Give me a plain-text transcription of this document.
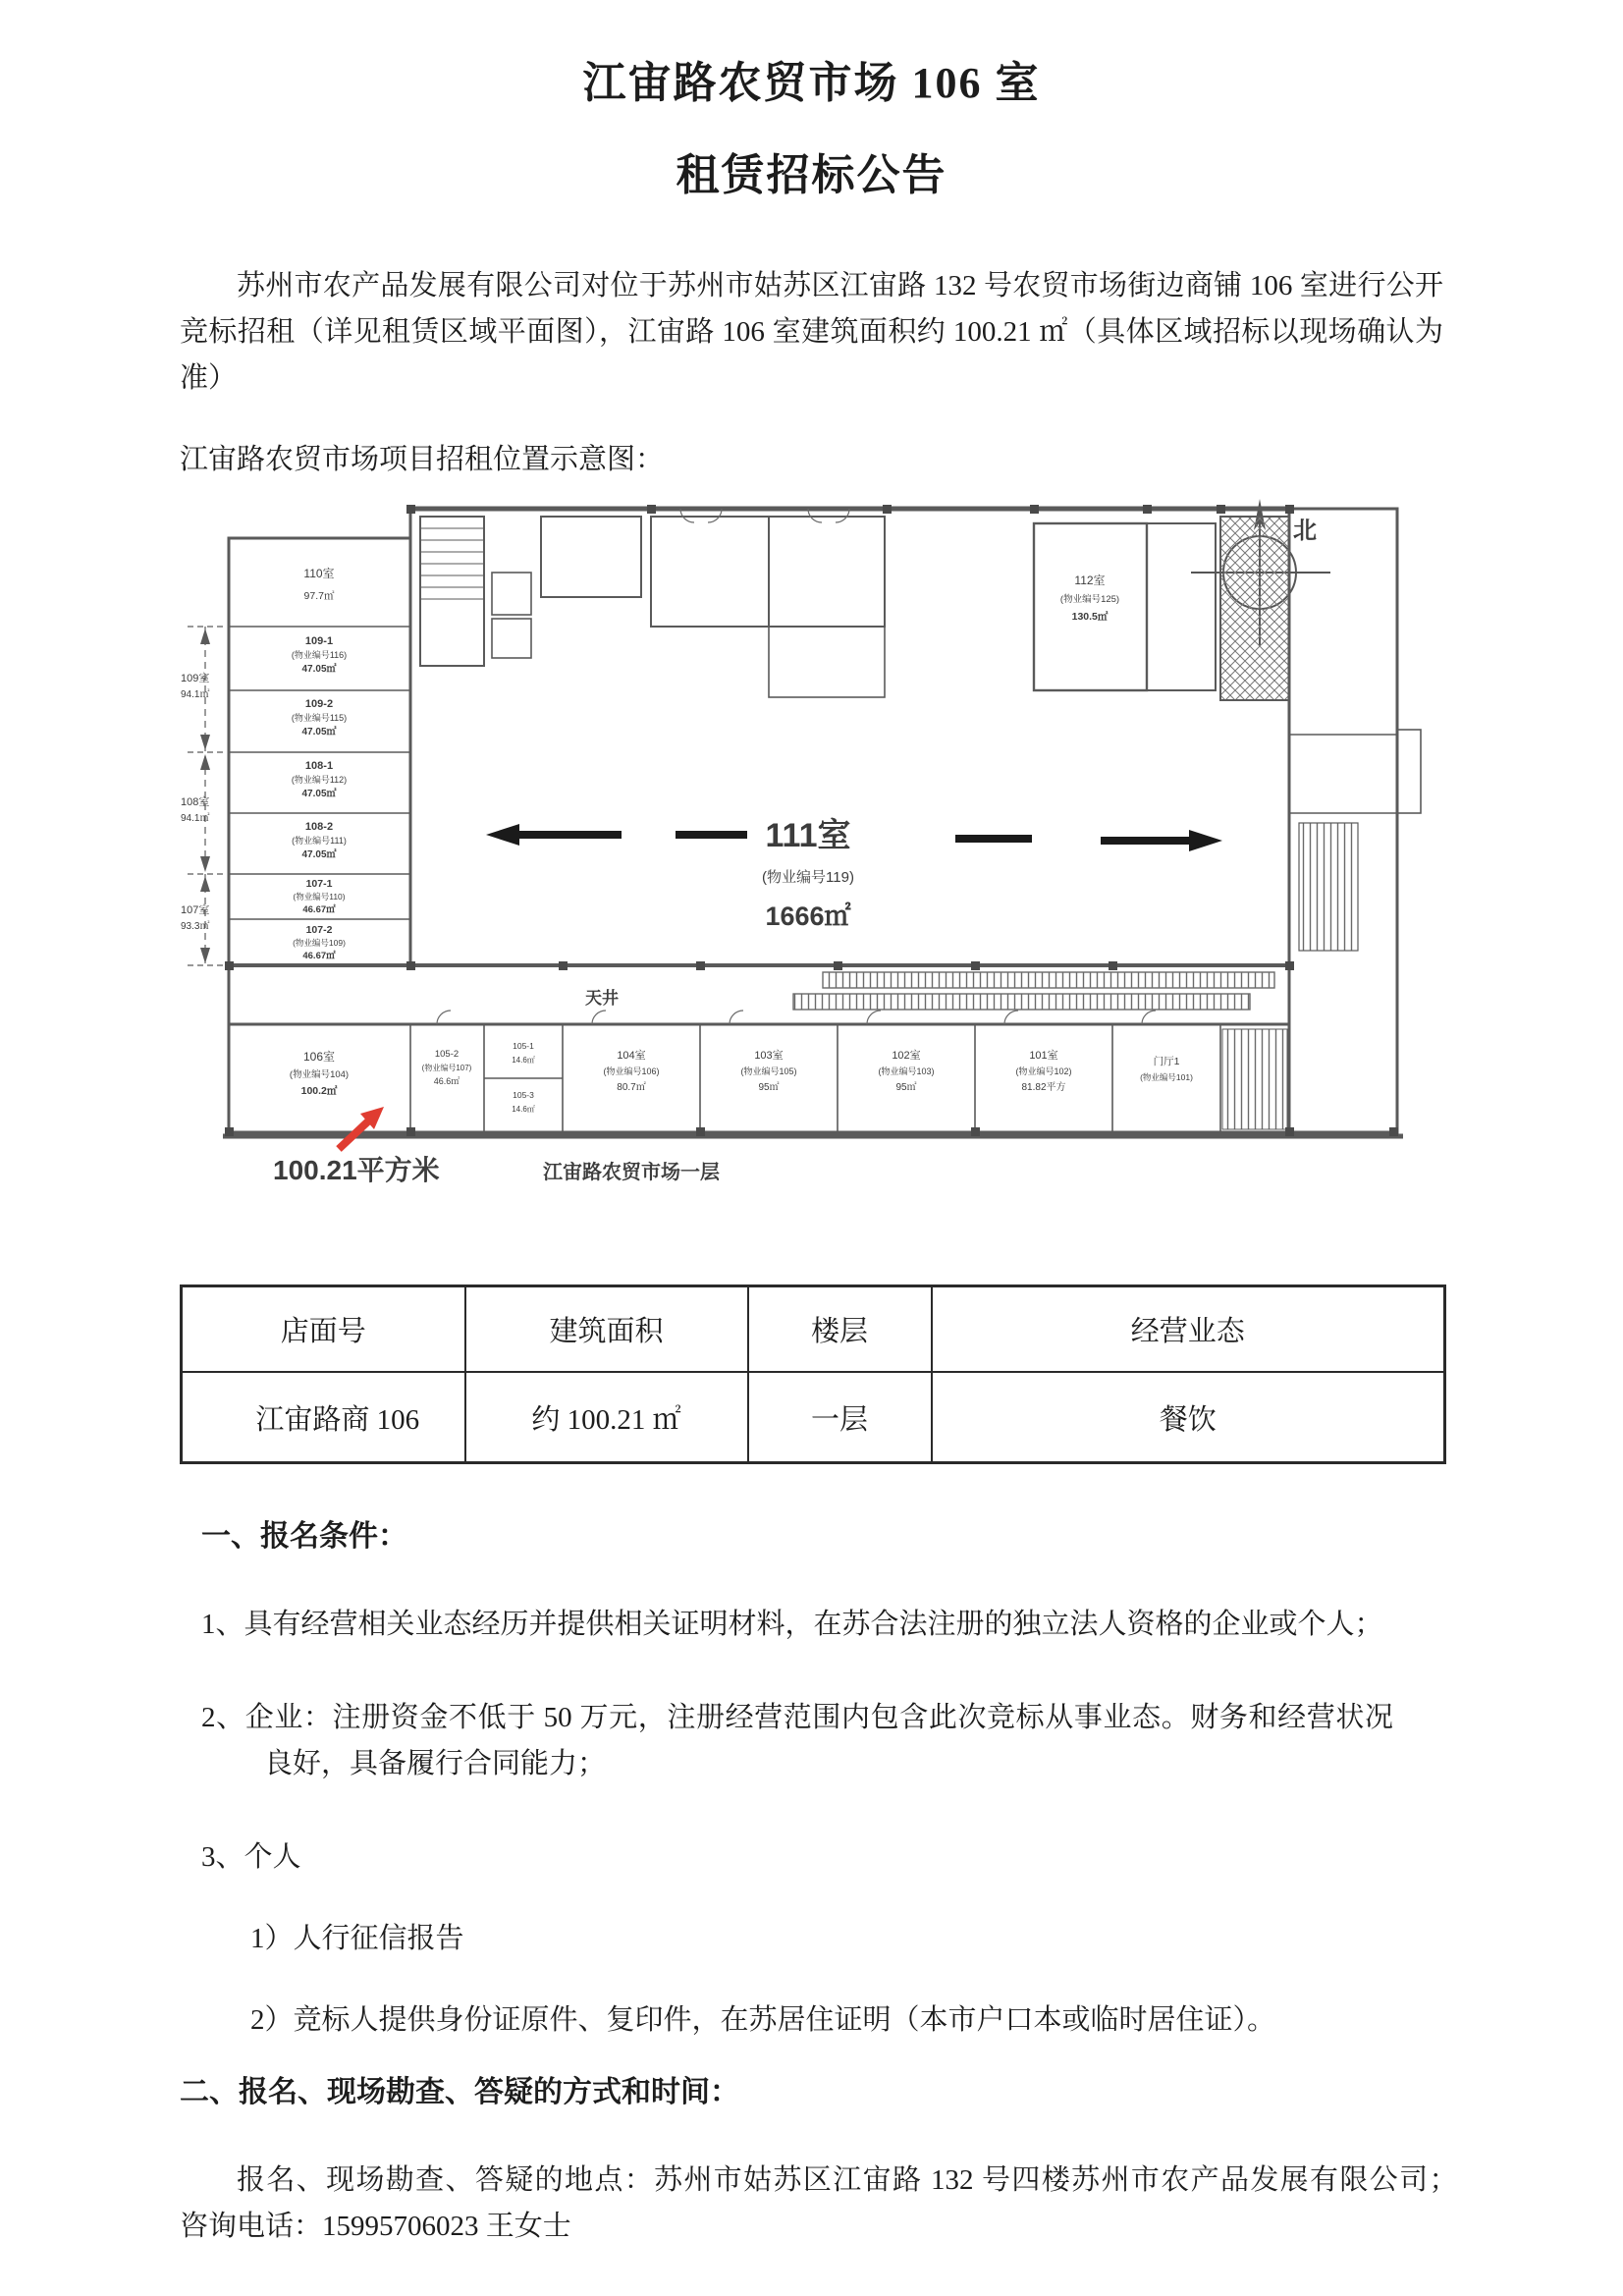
江宙路农贸市场 106 室
租赁招标公告

苏州市农产品发展有限公司对位于苏州市姑苏区江宙路 132 号农贸市场街边商铺 106 室进行公开竞标招租（详见租赁区域平面图），江宙路 106 室建筑面积约 100.21 ㎡（具体区域招标以现场确认为准）

江宙路农贸市场项目招租位置示意图：

北
109室
94.1㎡
108室
94.1㎡
107室
93.3㎡
110室
97.7㎡
109-1
(物业编号116)
47.05㎡
109-2
(物业编号115)
47.05㎡
108-1
(物业编号112)
47.05㎡
108-2
(物业编号111)
47.05㎡
107-1
(物业编号110)
46.67㎡
107-2
(物业编号109)
46.67㎡
112室
(物业编号125)
130.5㎡
111室
(物业编号119)
1666㎡
天井
106室
(物业编号104)
100.2㎡
105-2
(物业编号107)
46.6㎡
105-1
14.6㎡
105-3
14.6㎡
104室
(物业编号106)
80.7㎡
103室
(物业编号105)
95㎡
102室
(物业编号103)
95㎡
101室
(物业编号102)
81.82平方
门厅1
(物业编号101)
100.21平方米	江宙路农贸市场一层
店面号	建筑面积	楼层	经营业态
江宙路商 106	约 100.21 ㎡	一层	餐饮
一、报名条件：

1、具有经营相关业态经历并提供相关证明材料，在苏合法注册的独立法人资格的企业或个人；

2、企业：注册资金不低于 50 万元，注册经营范围内包含此次竞标从事业态。财务和经营状况良好，具备履行合同能力；

3、个人

1）人行征信报告

2）竞标人提供身份证原件、复印件，在苏居住证明（本市户口本或临时居住证）。

二、报名、现场勘查、答疑的方式和时间：

报名、现场勘查、答疑的地点：苏州市姑苏区江宙路 132 号四楼苏州市农产品发展有限公司；　咨询电话：15995706023 王女士
